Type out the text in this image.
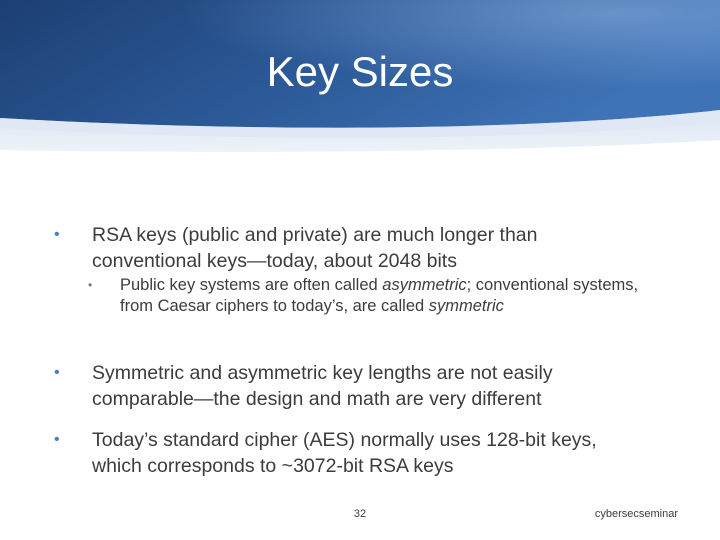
Key Sizes
• RSA keys (public and private) are much longer than conventional keys—today, about 2048 bits
• Public key systems are often called asymmetric; conventional systems, from Caesar ciphers to today’s, are called symmetric
• Symmetric and asymmetric key lengths are not easily comparable—the design and math are very different
• Today’s standard cipher (AES) normally uses 128-bit keys, which corresponds to ~3072-bit RSA keys
32	cybersecseminar
